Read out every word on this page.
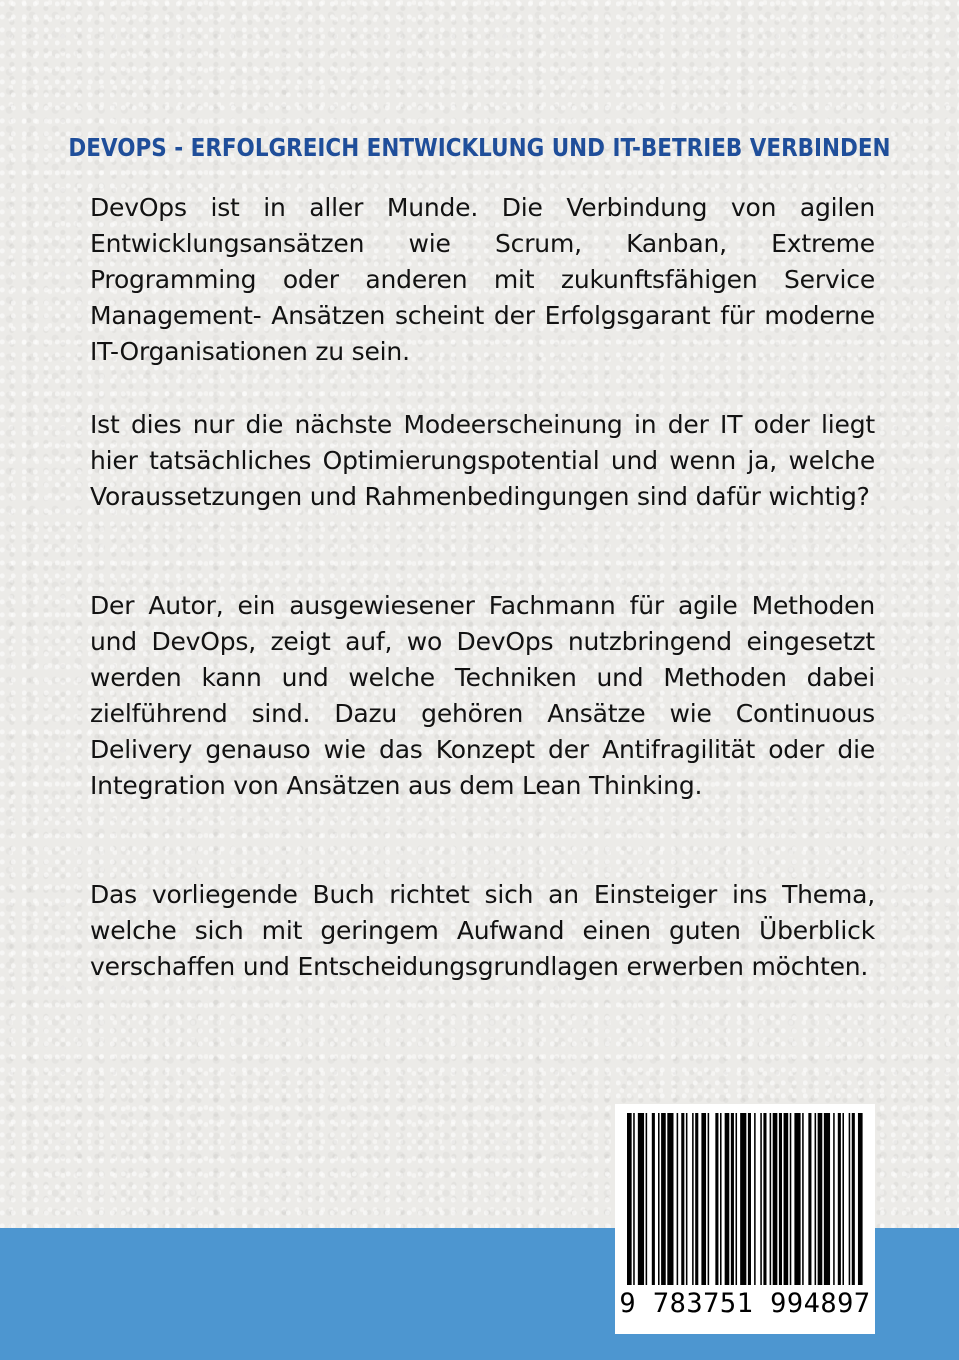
DEVOPS - ERFOLGREICH ENTWICKLUNG UND IT-BETRIEB VERBINDEN

DevOps ist in aller Munde. Die Verbindung von agilen Entwicklungsansätzen wie Scrum, Kanban, Extreme Programming oder anderen mit zukunftsfähigen Service Management- Ansätzen scheint der Erfolgsgarant für moderne IT-Organisationen zu sein.

Ist dies nur die nächste Modeerscheinung in der IT oder liegt hier tatsächliches Optimierungspotential und wenn ja, welche Voraussetzungen und Rahmenbedingungen sind dafür wichtig?

Der Autor, ein ausgewiesener Fachmann für agile Methoden und DevOps, zeigt auf, wo DevOps nutzbringend eingesetzt werden kann und welche Techniken und Methoden dabei zielführend sind. Dazu gehören Ansätze wie Continuous Delivery genauso wie das Konzept der Antifragilität oder die Integration von Ansätzen aus dem Lean Thinking.

Das vorliegende Buch richtet sich an Einsteiger ins Thema, welche sich mit geringem Aufwand einen guten Überblick verschaffen und Entscheidungsgrundlagen erwerben möchten.

9 783751 994897
